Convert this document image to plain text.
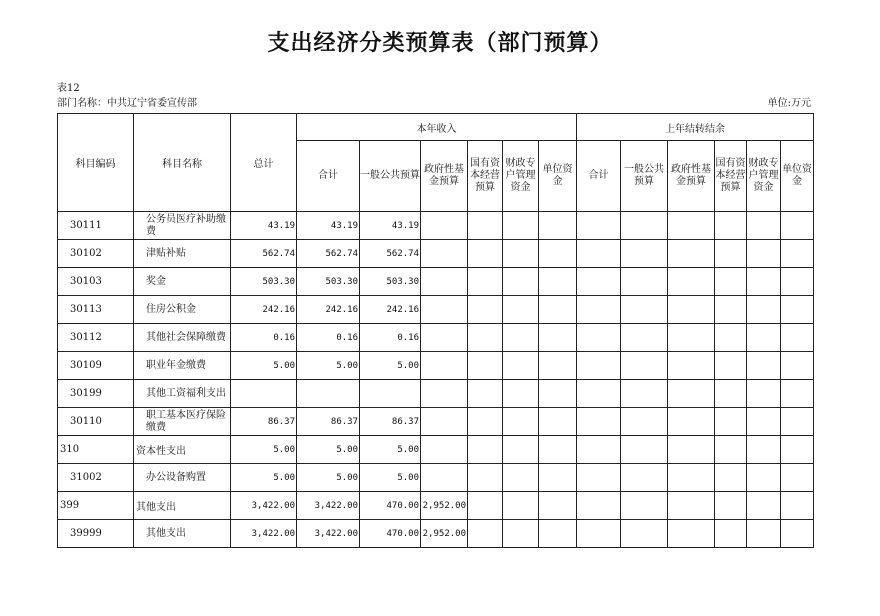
支出经济分类预算表（部门预算）
表12
部门名称：中共辽宁省委宣传部	单位:万元
科目编码	科目名称	总计	本年收入						上年结转结余					
			合计	一般公共预算	政府性基金预算	国有资本经营预算	财政专户管理资金	单位资金	合计	一般公共预算	政府性基金预算	国有资本经营预算	财政专户管理资金	单位资金
30111	公务员医疗补助缴费	43.19	43.19	43.19										
30102	津贴补贴	562.74	562.74	562.74										
30103	奖金	503.30	503.30	503.30										
30113	住房公积金	242.16	242.16	242.16										
30112	其他社会保障缴费	0.16	0.16	0.16										
30109	职业年金缴费	5.00	5.00	5.00										
30199	其他工资福利支出													
30110	职工基本医疗保险缴费	86.37	86.37	86.37										
310	资本性支出	5.00	5.00	5.00										
31002	办公设备购置	5.00	5.00	5.00										
399	其他支出	3,422.00	3,422.00	470.00	2,952.00									
39999	其他支出	3,422.00	3,422.00	470.00	2,952.00									
